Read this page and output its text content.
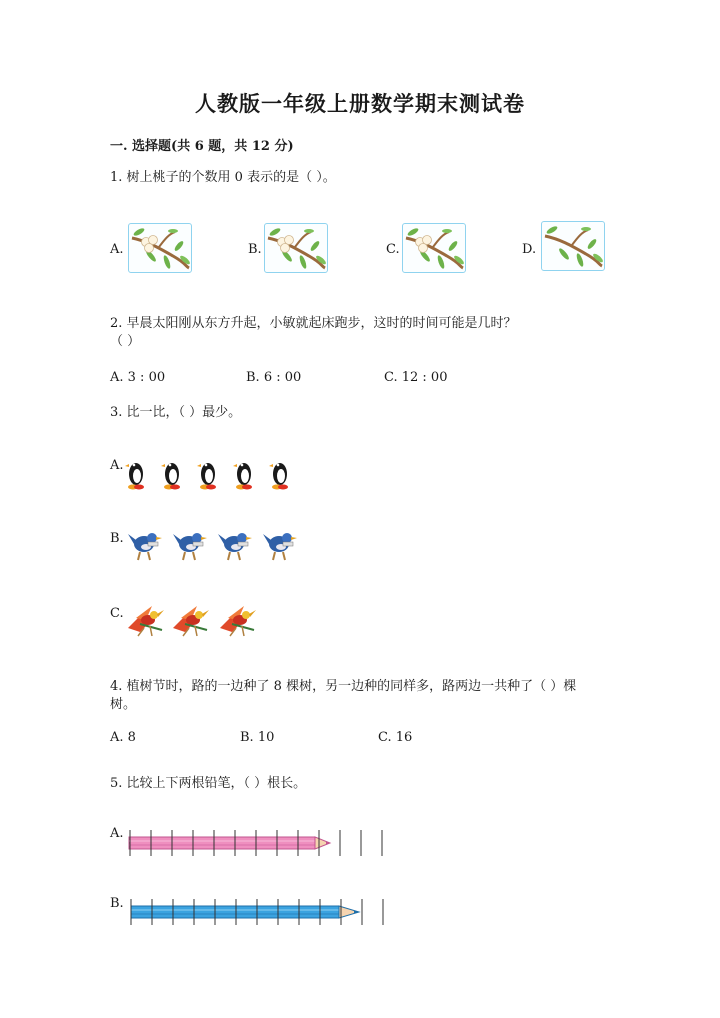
人教版一年级上册数学期末测试卷
一. 选择题(共 6 题，共 12 分)
1. 树上桃子的个数用 0 表示的是（ ）。
A.	B.	C.	D.
2. 早晨太阳刚从东方升起，小敏就起床跑步，这时的时间可能是几时？
（ ）
A. 3 : 00	B. 6 : 00	C. 12 : 00
3. 比一比，（ ）最少。
A.
B.
C.
4. 植树节时，路的一边种了 8 棵树，另一边种的同样多，路两边一共种了（ ）棵
树。
A. 8	B. 10	C. 16
5. 比较上下两根铅笔，（ ）根长。
A.
B.
